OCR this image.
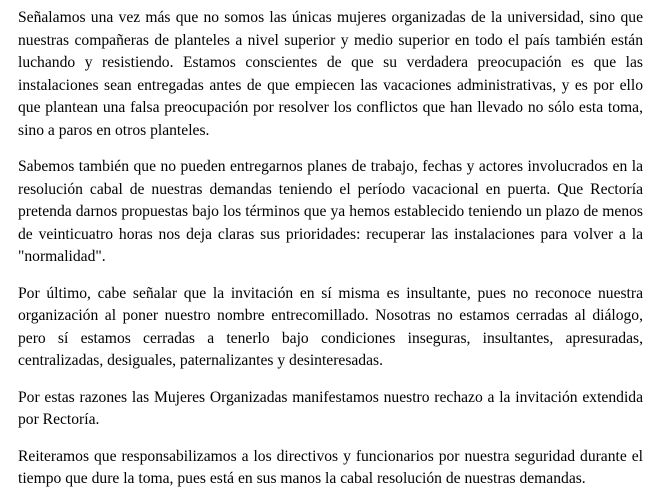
Señalamos una vez más que no somos las únicas mujeres organizadas de la universidad, sino que nuestras compañeras de planteles a nivel superior y medio superior en todo el país también están luchando y resistiendo. Estamos conscientes de que su verdadera preocupación es que las instalaciones sean entregadas antes de que empiecen las vacaciones administrativas, y es por ello que plantean una falsa preocupación por resolver los conflictos que han llevado no sólo esta toma, sino a paros en otros planteles.

Sabemos también que no pueden entregarnos planes de trabajo, fechas y actores involucrados en la resolución cabal de nuestras demandas teniendo el período vacacional en puerta. Que Rectoría pretenda darnos propuestas bajo los términos que ya hemos establecido teniendo un plazo de menos de veinticuatro horas nos deja claras sus prioridades: recuperar las instalaciones para volver a la "normalidad".

Por último, cabe señalar que la invitación en sí misma es insultante, pues no reconoce nuestra organización al poner nuestro nombre entrecomillado. Nosotras no estamos cerradas al diálogo, pero sí estamos cerradas a tenerlo bajo condiciones inseguras, insultantes, apresuradas, centralizadas, desiguales, paternalizantes y desinteresadas.

Por estas razones las Mujeres Organizadas manifestamos nuestro rechazo a la invitación extendida por Rectoría.

Reiteramos que responsabilizamos a los directivos y funcionarios por nuestra seguridad durante el tiempo que dure la toma, pues está en sus manos la cabal resolución de nuestras demandas.
